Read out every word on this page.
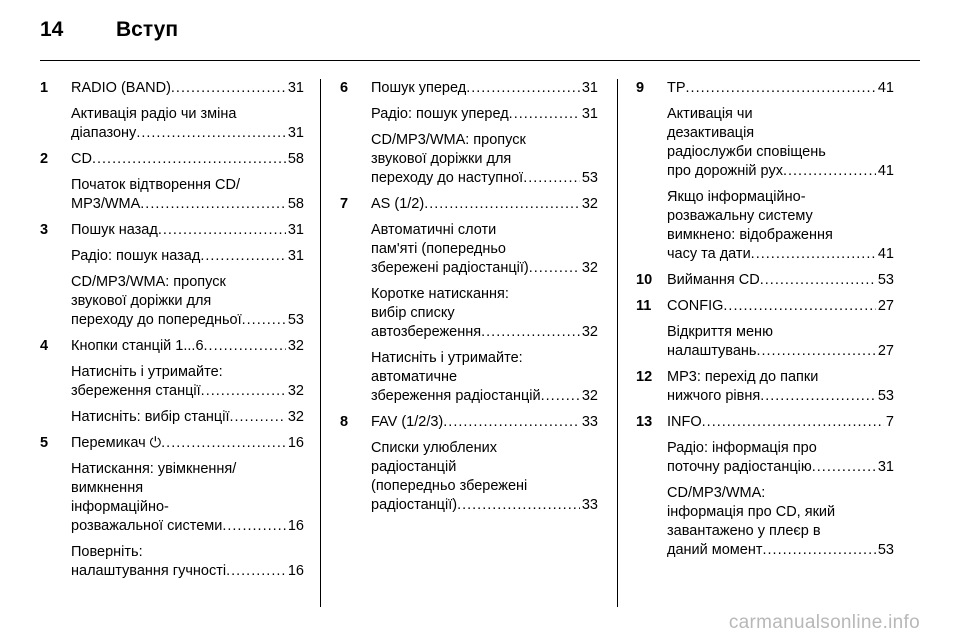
14	Вступ
1 RADIO (BAND) .....	31
Активація радіо чи зміна
діапазону .....	31
2 CD .....	58
Початок відтворення CD/
MP3/WMA .....	58
3 Пошук назад .....	31
Радіо: пошук назад .....	31
CD/MP3/WMA: пропуск
звукової доріжки для
переходу до попередньої .....	53
4 Кнопки станцій 1...6 .....	32
Натисніть і утримайте:
збереження станції .....	32
Натисніть: вибір станції .....	32
5 Перемикач ⏻ .....	16
Натискання: увімкнення/
вимкнення
інформаційно-
розважальної системи .....	16
Поверніть:
налаштування гучності .....	16
6 Пошук уперед .....	31
Радіо: пошук уперед .....	31
CD/MP3/WMA: пропуск
звукової доріжки для
переходу до наступної .....	53
7 AS (1/2) .....	32
Автоматичні слоти
пам'яті (попередньо
збережені радіостанції) .....	32
Коротке натискання:
вибір списку
автозбереження .....	32
Натисніть і утримайте:
автоматичне
збереження радіостанцій .....	32
8 FAV (1/2/3) .....	33
Списки улюблених
радіостанцій
(попередньо збережені
радіостанції) .....	33
9 TP .....	41
Активація чи
дезактивація
радіослужби сповіщень
про дорожній рух .....	41
Якщо інформаційно-
розважальну систему
вимкнено: відображення
часу та дати .....	41
10 Виймання CD .....	53
11 CONFIG .....	27
Відкриття меню
налаштувань .....	27
12 MP3: перехід до папки
нижчого рівня .....	53
13 INFO .....	7
Радіо: інформація про
поточну радіостанцію .....	31
CD/MP3/WMA:
інформація про CD, який
завантажено у плеєр в
даний момент .....	53
carmanualsonline.info
